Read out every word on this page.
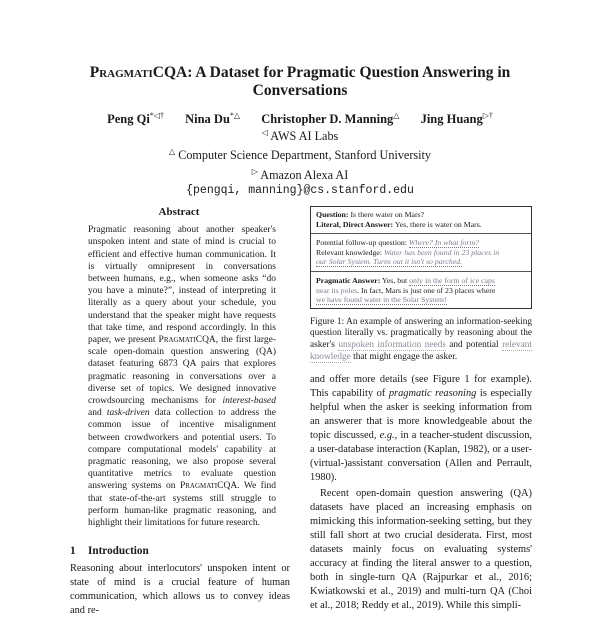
PragmatiCQA: A Dataset for Pragmatic Question Answering in
Conversations
Peng Qi*◁† Nina Du*△ Christopher D. Manning△ Jing Huang▷†
◁ AWS AI Labs
△ Computer Science Department, Stanford University
▷ Amazon Alexa AI
{pengqi, manning}@cs.stanford.edu
Abstract
Pragmatic reasoning about another speaker's unspoken intent and state of mind is crucial to efficient and effective human communication. It is virtually omnipresent in conversations between humans, e.g., when someone asks “do you have a minute?”, instead of interpreting it literally as a query about your schedule, you understand that the speaker might have requests that take time, and respond accordingly. In this paper, we present PragmatiCQA, the first large-scale open-domain question answering (QA) dataset featuring 6873 QA pairs that explores pragmatic reasoning in conversations over a diverse set of topics. We designed innovative crowdsourcing mechanisms for interest-based and task-driven data collection to address the common issue of incentive misalignment between crowdworkers and potential users. To compare computational models' capability at pragmatic reasoning, we also propose several quantitative metrics to evaluate question answering systems on PragmatiCQA. We find that state-of-the-art systems still struggle to perform human-like pragmatic reasoning, and highlight their limitations for future research.
1 Introduction
Reasoning about interlocutors' unspoken intent or state of mind is a crucial feature of human communication, which allows us to convey ideas and re-
Question: Is there water on Mars?
Literal, Direct Answer: Yes, there is water on Mars.
Potential follow-up question: Where? In what form?
Relevant knowledge: Water has been found in 23 places in
our Solar System. Turns out it isn't so parched.
Pragmatic Answer: Yes, but only in the form of ice caps
near its poles. In fact, Mars is just one of 23 places where
we have found water in the Solar System!
Figure 1: An example of answering an information-seeking question literally vs. pragmatically by reasoning about the asker's unspoken information needs and potential relevant knowledge that might engage the asker.

and offer more details (see Figure 1 for example). This capability of pragmatic reasoning is especially helpful when the asker is seeking information from an answerer that is more knowledgeable about the topic discussed, e.g., in a teacher-student discussion, a user-database interaction (Kaplan, 1982), or a user-(virtual-)assistant conversation (Allen and Perrault, 1980).

Recent open-domain question answering (QA) datasets have placed an increasing emphasis on mimicking this information-seeking setting, but they still fall short at two crucial desiderata. First, most datasets mainly focus on evaluating systems' accuracy at finding the literal answer to a question, both in single-turn QA (Rajpurkar et al., 2016; Kwiatkowski et al., 2019) and multi-turn QA (Choi et al., 2018; Reddy et al., 2019). While this simpli-
